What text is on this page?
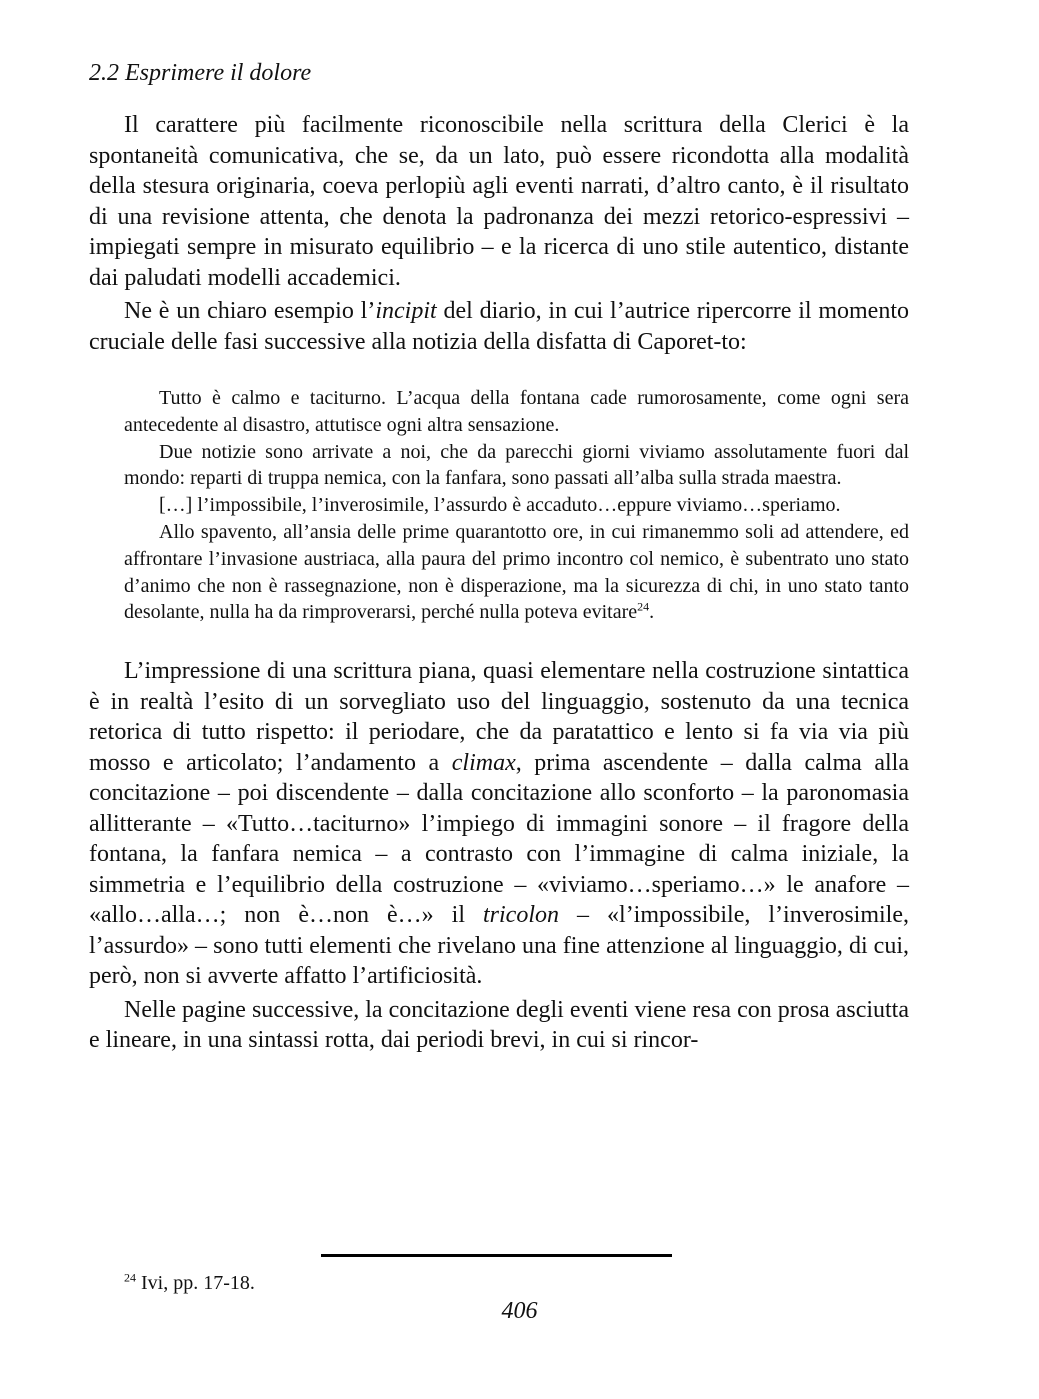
2.2 Esprimere il dolore

Il carattere più facilmente riconoscibile nella scrittura della Clerici è la spontaneità comunicativa, che se, da un lato, può essere ricondotta alla modalità della stesura originaria, coeva perlopiù agli eventi narrati, d’altro canto, è il risultato di una revisione attenta, che denota la padronanza dei mezzi retorico-espressivi – impiegati sempre in misurato equilibrio – e la ricerca di uno stile autentico, distante dai paludati modelli accademici.

Ne è un chiaro esempio l’incipit del diario, in cui l’autrice ripercorre il momento cruciale delle fasi successive alla notizia della disfatta di Caporet-to:

Tutto è calmo e taciturno. L’acqua della fontana cade rumorosamente, come ogni sera antecedente al disastro, attutisce ogni altra sensazione.

Due notizie sono arrivate a noi, che da parecchi giorni viviamo assolutamente fuori dal mondo: reparti di truppa nemica, con la fanfara, sono passati all’alba sulla strada maestra.

[…] l’impossibile, l’inverosimile, l’assurdo è accaduto…eppure viviamo…speriamo.

Allo spavento, all’ansia delle prime quarantotto ore, in cui rimanemmo soli ad attendere, ed affrontare l’invasione austriaca, alla paura del primo incontro col nemico, è subentrato uno stato d’animo che non è rassegnazione, non è disperazione, ma la sicurezza di chi, in uno stato tanto desolante, nulla ha da rimproverarsi, perché nulla poteva evitare$^{24}$.

L’impressione di una scrittura piana, quasi elementare nella costruzione sintattica è in realtà l’esito di un sorvegliato uso del linguaggio, sostenuto da una tecnica retorica di tutto rispetto: il periodare, che da paratattico e lento si fa via via più mosso e articolato; l’andamento a climax, prima ascendente – dalla calma alla concitazione – poi discendente – dalla concitazione allo sconforto – la paronomasia allitterante – «Tutto…taciturno» l’impiego di immagini sonore – il fragore della fontana, la fanfara nemica – a contrasto con l’immagine di calma iniziale, la simmetria e l’equilibrio della costruzione – «viviamo…speriamo…» le anafore – «allo…alla…; non è…non è…» il tricolon – «l’impossibile, l’inverosimile, l’assurdo» – sono tutti elementi che rivelano una fine attenzione al linguaggio, di cui, però, non si avverte affatto l’artificiosità.

Nelle pagine successive, la concitazione degli eventi viene resa con prosa asciutta e lineare, in una sintassi rotta, dai periodi brevi, in cui si rincor-

$^{24}$ Ivi, pp. 17-18.
406
